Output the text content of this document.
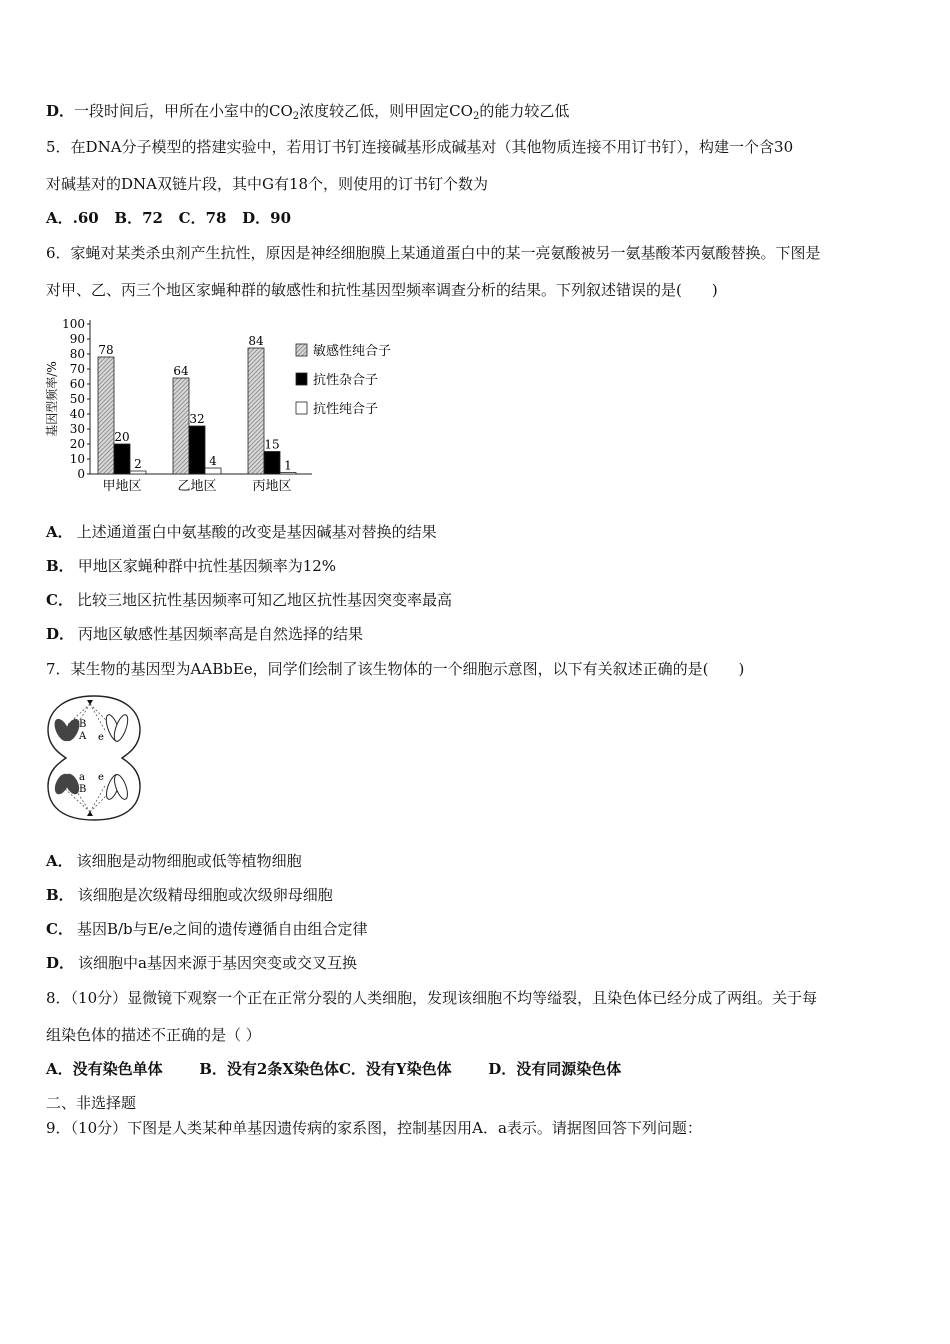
D．一段时间后，甲所在小室中的$CO_2$浓度较乙低，则甲固定$CO_2$的能力较乙低
5．在DNA分子模型的搭建实验中，若用订书钉连接碱基形成碱基对（其他物质连接不用订书钉），构建一个含30
对碱基对的DNA双链片段，其中G有18个，则使用的订书钉个数为
A．.60 B．72 C．78 D．90
6．家蝇对某类杀虫剂产生抗性，原因是神经细胞膜上某通道蛋白中的某一亮氨酸被另一氨基酸苯丙氨酸替换。下图是
对甲、乙、丙三个地区家蝇种群的敏感性和抗性基因型频率调查分析的结果。下列叙述错误的是(　　)
基因型频率/%
0
10
20
30
40
50
60
70
80
90
100
78
20
2
甲地区
64
32
4
乙地区
84
15
1
丙地区
敏感性纯合子
抗性杂合子
抗性纯合子
A． 上述通道蛋白中氨基酸的改变是基因碱基对替换的结果
B． 甲地区家蝇种群中抗性基因频率为12%
C． 比较三地区抗性基因频率可知乙地区抗性基因突变率最高
D． 丙地区敏感性基因频率高是自然选择的结果
7．某生物的基因型为AABbEe，同学们绘制了该生物体的一个细胞示意图，以下有关叙述正确的是(　　)
B
A e
a
B
e
A． 该细胞是动物细胞或低等植物细胞
B． 该细胞是次级精母细胞或次级卵母细胞
C． 基因B/b与E/e之间的遗传遵循自由组合定律
D． 该细胞中a基因来源于基因突变或交叉互换
8．（10分）显微镜下观察一个正在正常分裂的人类细胞，发现该细胞不均等缢裂，且染色体已经分成了两组。关于每
组染色体的描述不正确的是（ ）
A．没有染色单体 B．没有2条X染色体C．没有Y染色体 D．没有同源染色体
二、非选择题
9．（10分）下图是人类某种单基因遗传病的家系图，控制基因用A．a表示。请据图回答下列问题：
